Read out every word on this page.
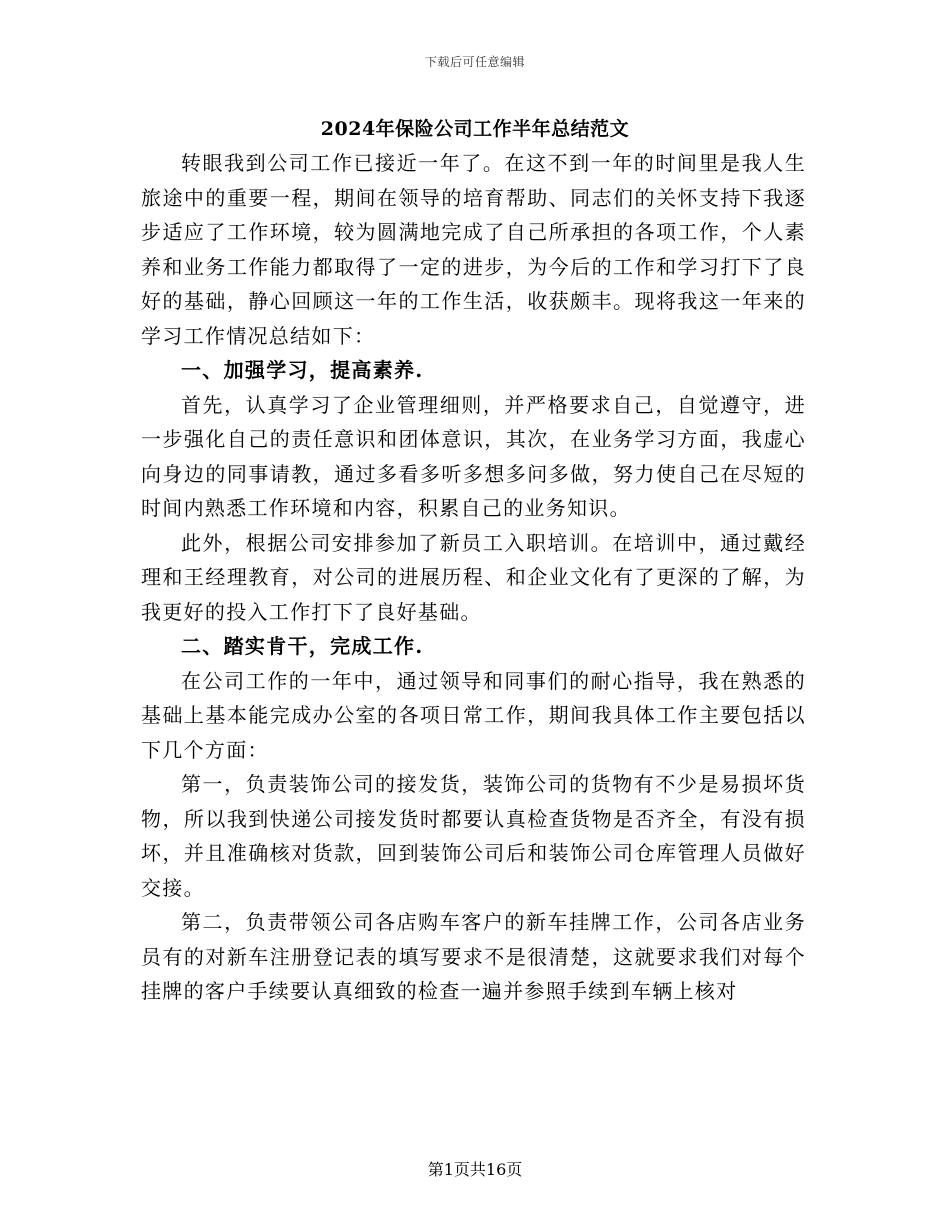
下载后可任意编辑
2024年保险公司工作半年总结范文

转眼我到公司工作已接近一年了。在这不到一年的时间里是我人生旅途中的重要一程，期间在领导的培育帮助、同志们的关怀支持下我逐步适应了工作环境，较为圆满地完成了自己所承担的各项工作，个人素养和业务工作能力都取得了一定的进步，为今后的工作和学习打下了良好的基础，静心回顾这一年的工作生活，收获颇丰。现将我这一年来的学习工作情况总结如下：

一、加强学习，提高素养.

首先，认真学习了企业管理细则，并严格要求自己，自觉遵守，进一步强化自己的责任意识和团体意识，其次，在业务学习方面，我虚心向身边的同事请教，通过多看多听多想多问多做，努力使自己在尽短的时间内熟悉工作环境和内容，积累自己的业务知识。

此外，根据公司安排参加了新员工入职培训。在培训中，通过戴经理和王经理教育，对公司的进展历程、和企业文化有了更深的了解，为我更好的投入工作打下了良好基础。

二、踏实肯干，完成工作.

在公司工作的一年中，通过领导和同事们的耐心指导，我在熟悉的基础上基本能完成办公室的各项日常工作，期间我具体工作主要包括以下几个方面：

第一，负责装饰公司的接发货，装饰公司的货物有不少是易损坏货物，所以我到快递公司接发货时都要认真检查货物是否齐全，有没有损坏，并且准确核对货款，回到装饰公司后和装饰公司仓库管理人员做好交接。

第二，负责带领公司各店购车客户的新车挂牌工作，公司各店业务员有的对新车注册登记表的填写要求不是很清楚，这就要求我们对每个挂牌的客户手续要认真细致的检查一遍并参照手续到车辆上核对

第1页共16页
